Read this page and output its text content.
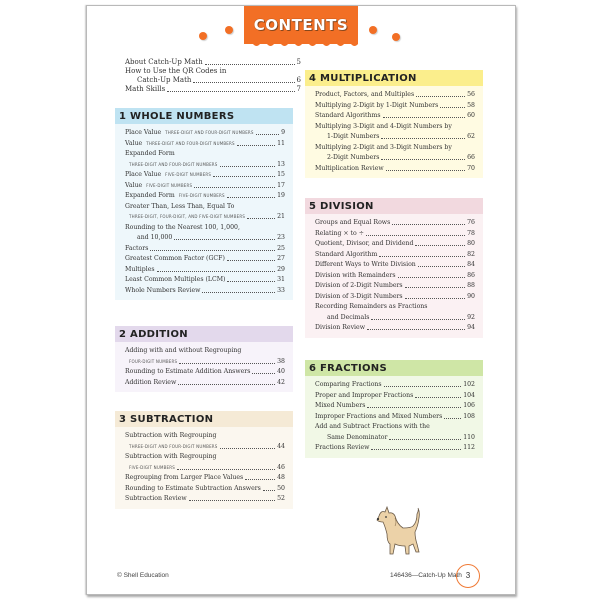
CONTENTS
About Catch-Up Math	5
How to Use the QR Codes in
Catch-Up Math	6
Math Skills	7
1 WHOLE NUMBERS
Place Value THREE-DIGIT AND FOUR-DIGIT NUMBERS	9
Value THREE-DIGIT AND FOUR-DIGIT NUMBERS	11
Expanded Form
THREE-DIGIT AND FOUR-DIGIT NUMBERS	13
Place Value FIVE-DIGIT NUMBERS	15
Value FIVE-DIGIT NUMBERS	17
Expanded Form FIVE-DIGIT NUMBERS	19
Greater Than, Less Than, Equal To
THREE-DIGIT, FOUR-DIGIT, AND FIVE-DIGIT NUMBERS	21
Rounding to the Nearest 100, 1,000,
and 10,000	23
Factors	25
Greatest Common Factor (GCF)	27
Multiples	29
Least Common Multiples (LCM)	31
Whole Numbers Review	33
2 ADDITION
Adding with and without Regrouping
FOUR-DIGIT NUMBERS	38
Rounding to Estimate Addition Answers	40
Addition Review	42
3 SUBTRACTION
Subtraction with Regrouping
THREE-DIGIT AND FOUR-DIGIT NUMBERS	44
Subtraction with Regrouping
FIVE-DIGIT NUMBERS	46
Regrouping from Larger Place Values	48
Rounding to Estimate Subtraction Answers	50
Subtraction Review	52
4 MULTIPLICATION
Product, Factors, and Multiples	56
Multiplying 2-Digit by 1-Digit Numbers	58
Standard Algorithms	60
Multiplying 3-Digit and 4-Digit Numbers by
1-Digit Numbers	62
Multiplying 2-Digit and 3-Digit Numbers by
2-Digit Numbers	66
Multiplication Review	70
5 DIVISION
Groups and Equal Rows	76
Relating × to ÷	78
Quotient, Divisor, and Dividend	80
Standard Algorithm	82
Different Ways to Write Division	84
Division with Remainders	86
Division of 2-Digit Numbers	88
Division of 3-Digit Numbers	90
Recording Remainders as Fractions
and Decimals	92
Division Review	94
6 FRACTIONS
Comparing Fractions	102
Proper and Improper Fractions	104
Mixed Numbers	106
Improper Fractions and Mixed Numbers	108
Add and Subtract Fractions with the
Same Denominator	110
Fractions Review	112
© Shell Education	146436—Catch-Up Math 3
